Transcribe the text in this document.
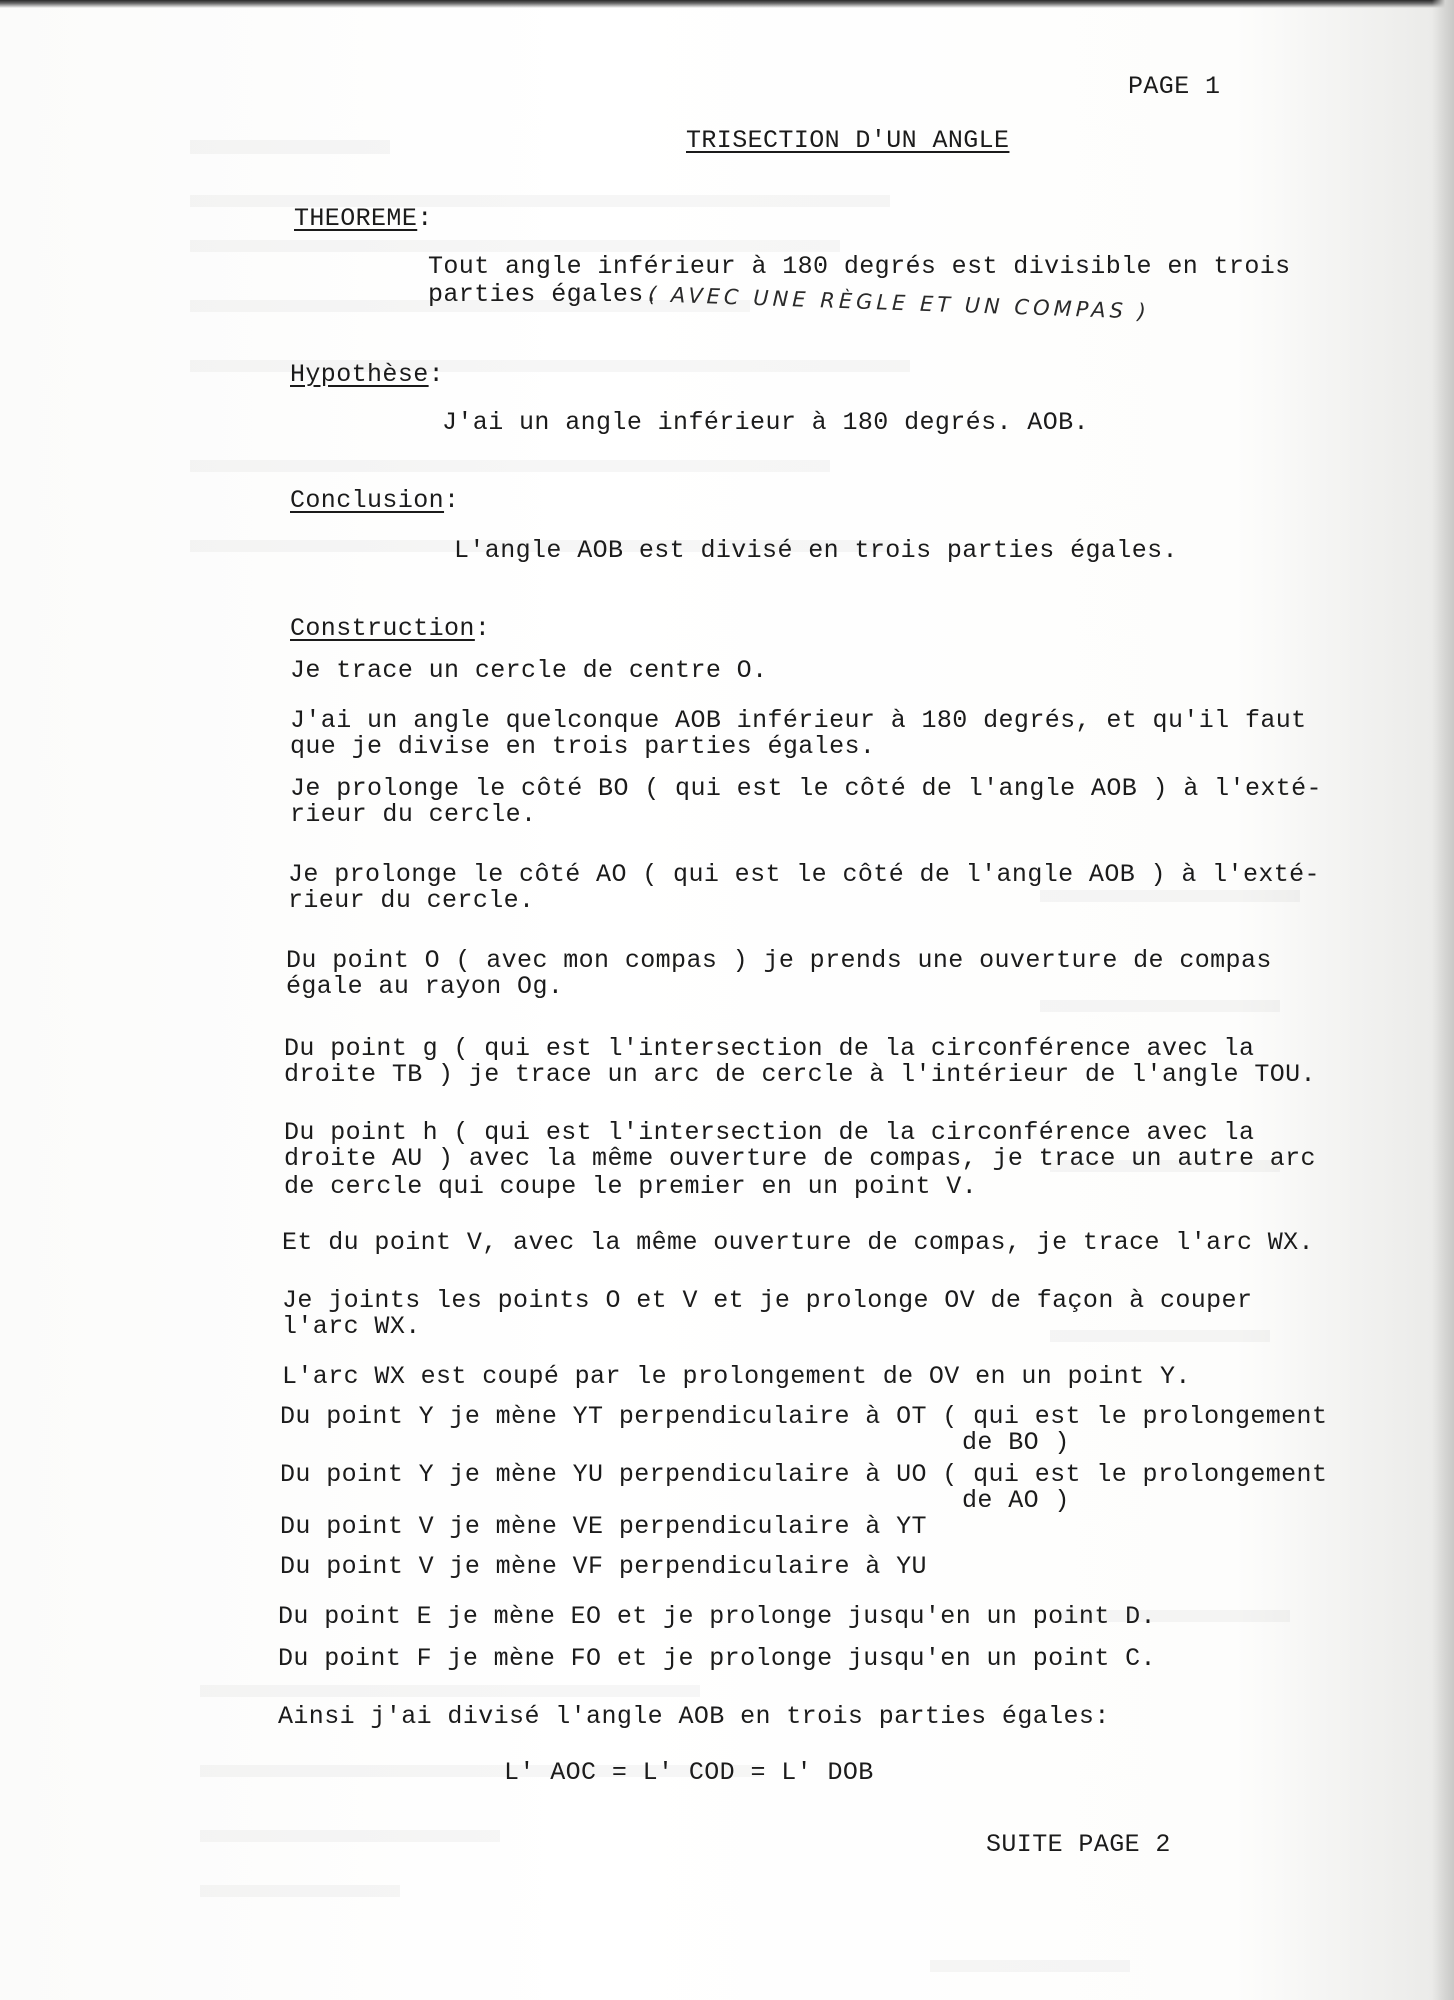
PAGE 1
TRISECTION D'UN ANGLE
THEOREME:
Tout angle inférieur à 180 degrés est divisible en trois
parties égales.
( AVEC UNE RÈGLE ET UN COMPAS )
Hypothèse:
J'ai un angle inférieur à 180 degrés. AOB.
Conclusion:
L'angle AOB est divisé en trois parties égales.
Construction:
Je trace un cercle de centre O.
J'ai un angle quelconque AOB inférieur à 180 degrés, et qu'il faut
que je divise en trois parties égales.
Je prolonge le côté BO ( qui est le côté de l'angle AOB ) à l'exté-
rieur du cercle.
Je prolonge le côté AO ( qui est le côté de l'angle AOB ) à l'exté-
rieur du cercle.
Du point O ( avec mon compas ) je prends une ouverture de compas
égale au rayon Og.
Du point g ( qui est l'intersection de la circonférence avec la
droite TB ) je trace un arc de cercle à l'intérieur de l'angle TOU.
Du point h ( qui est l'intersection de la circonférence avec la
droite AU ) avec la même ouverture de compas, je trace un autre arc
de cercle qui coupe le premier en un point V.
Et du point V, avec la même ouverture de compas, je trace l'arc WX.
Je joints les points O et V et je prolonge OV de façon à couper
l'arc WX.
L'arc WX est coupé par le prolongement de OV en un point Y.
Du point Y je mène YT perpendiculaire à OT ( qui est le prolongement
de BO )
Du point Y je mène YU perpendiculaire à UO ( qui est le prolongement
de AO )
Du point V je mène VE perpendiculaire à YT
Du point V je mène VF perpendiculaire à YU
Du point E je mène EO et je prolonge jusqu'en un point D.
Du point F je mène FO et je prolonge jusqu'en un point C.
Ainsi j'ai divisé l'angle AOB en trois parties égales:
L' AOC = L' COD = L' DOB
SUITE PAGE 2
